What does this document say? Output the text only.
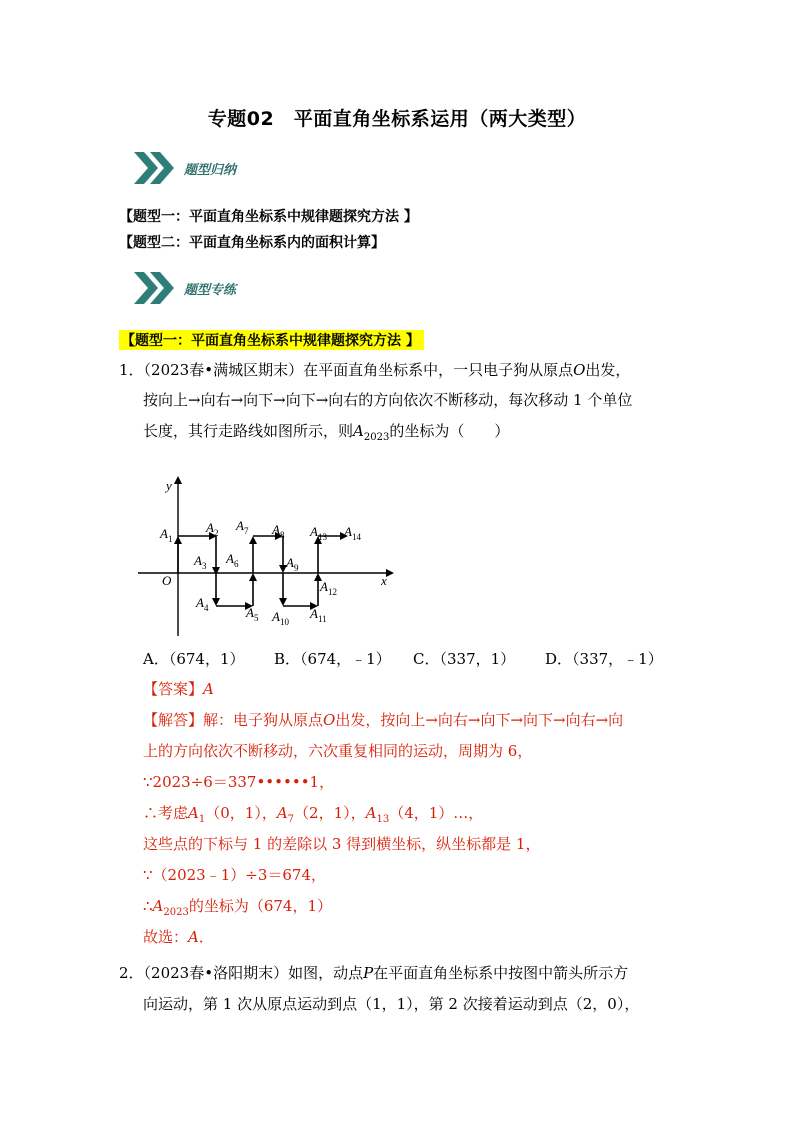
专题02　平面直角坐标系运用（两大类型）
题型归纳
【题型一：平面直角坐标系中规律题探究方法 】
【题型二：平面直角坐标系内的面积计算】
题型专练
【题型一：平面直角坐标系中规律题探究方法 】
1．（2023春•满城区期末）在平面直角坐标系中，一只电子狗从原点O出发，
按向上→向右→向下→向下→向右的方向依次不断移动，每次移动 1 个单位
长度，其行走路线如图所示，则$A_{2023}$的坐标为（　　）
x
y
O
$A_1$
$A_2$
$A_3$
$A_4$	$A_5$
$A_6$
$A_7$ $A_8$
$A_9$
$A_{10}$
$A_{11}$
$A_{12}$
$A_{13}$ $A_{14}$
A．（674，1） B．（674，﹣1） C．（337，1） D．（337，﹣1）
【答案】A
【解答】解：电子狗从原点O出发，按向上→向右→向下→向下→向右→向
上的方向依次不断移动，六次重复相同的运动，周期为 6，
∵2023÷6＝337••••••1，
∴考虑$A_1(0$，1），$A_7(2$，1），$A_{13}(4$，1）…，
这些点的下标与 1 的差除以 3 得到横坐标，纵坐标都是 1，
∵（2023﹣1）÷3＝674，
$\therefore A_{2023}$的坐标为（674，1）
故选：A．
2．（2023春•洛阳期末）如图，动点P在平面直角坐标系中按图中箭头所示方
向运动，第 1 次从原点运动到点（1，1），第 2 次接着运动到点（2，0），
